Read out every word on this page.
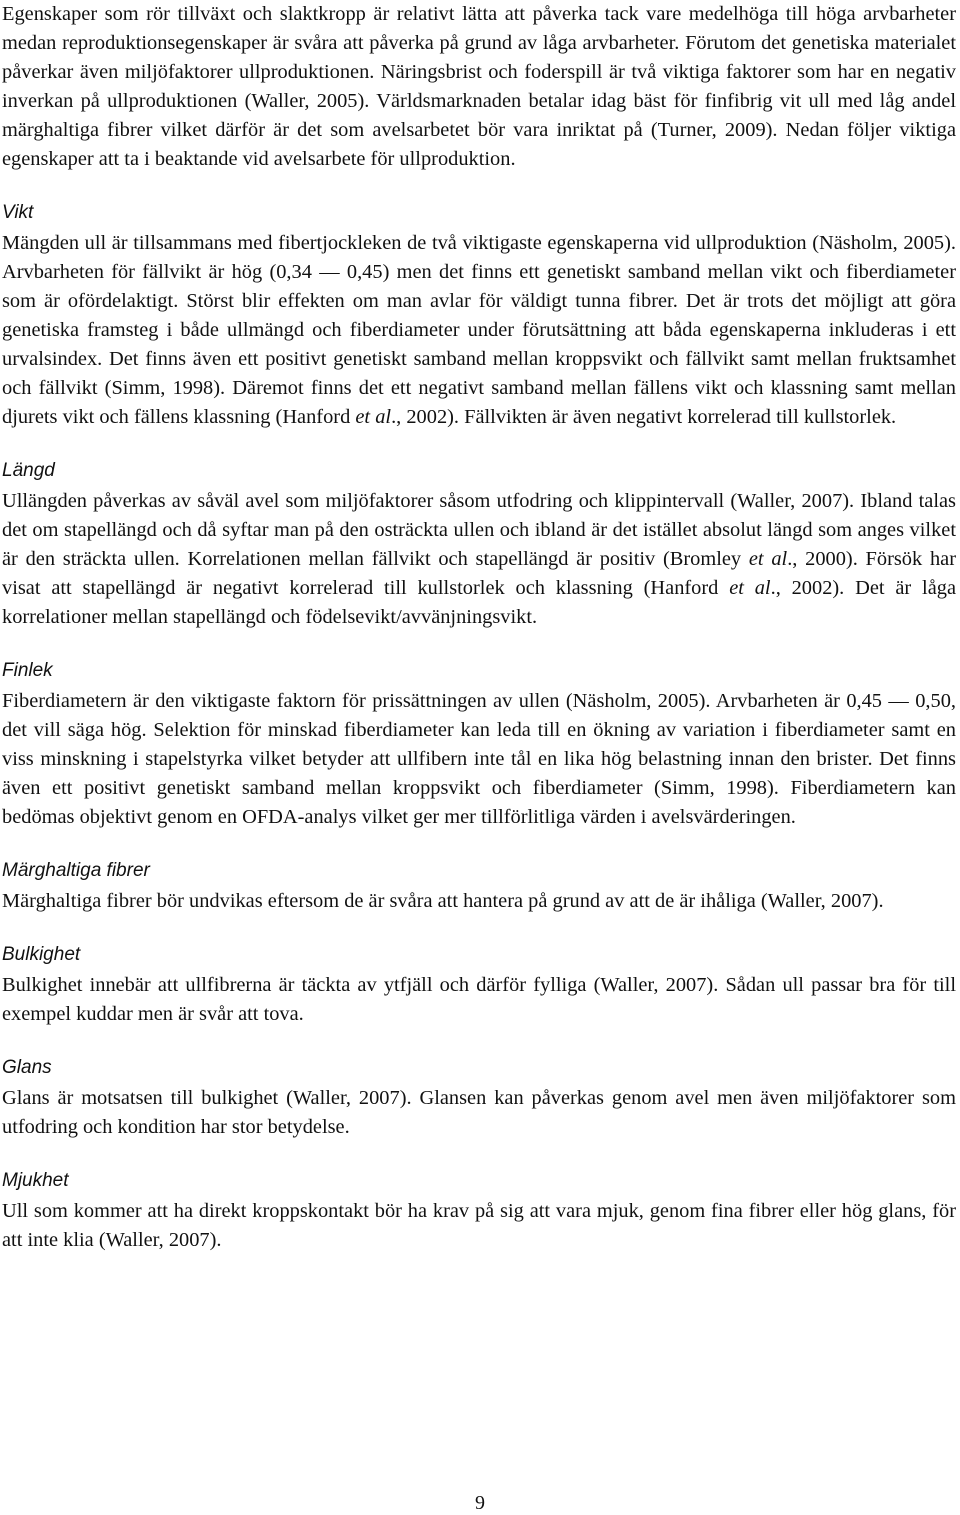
Egenskaper som rör tillväxt och slaktkropp är relativt lätta att påverka tack vare medelhöga till höga arvbarheter medan reproduktionsegenskaper är svåra att påverka på grund av låga arvbarheter. Förutom det genetiska materialet påverkar även miljöfaktorer ullproduktionen. Näringsbrist och foderspill är två viktiga faktorer som har en negativ inverkan på ullproduktionen (Waller, 2005). Världsmarknaden betalar idag bäst för finfibrig vit ull med låg andel märghaltiga fibrer vilket därför är det som avelsarbetet bör vara inriktat på (Turner, 2009). Nedan följer viktiga egenskaper att ta i beaktande vid avelsarbete för ullproduktion.

Vikt

Mängden ull är tillsammans med fibertjockleken de två viktigaste egenskaperna vid ullproduktion (Näsholm, 2005). Arvbarheten för fällvikt är hög (0,34 — 0,45) men det finns ett genetiskt samband mellan vikt och fiberdiameter som är ofördelaktigt. Störst blir effekten om man avlar för väldigt tunna fibrer. Det är trots det möjligt att göra genetiska framsteg i både ullmängd och fiberdiameter under förutsättning att båda egenskaperna inkluderas i ett urvalsindex. Det finns även ett positivt genetiskt samband mellan kroppsvikt och fällvikt samt mellan fruktsamhet och fällvikt (Simm, 1998). Däremot finns det ett negativt samband mellan fällens vikt och klassning samt mellan djurets vikt och fällens klassning (Hanford et al., 2002). Fällvikten är även negativt korrelerad till kullstorlek.

Längd

Ullängden påverkas av såväl avel som miljöfaktorer såsom utfodring och klippintervall (Waller, 2007). Ibland talas det om stapellängd och då syftar man på den osträckta ullen och ibland är det istället absolut längd som anges vilket är den sträckta ullen. Korrelationen mellan fällvikt och stapellängd är positiv (Bromley et al., 2000). Försök har visat att stapellängd är negativt korrelerad till kullstorlek och klassning (Hanford et al., 2002). Det är låga korrelationer mellan stapellängd och födelsevikt/avvänjningsvikt.

Finlek

Fiberdiametern är den viktigaste faktorn för prissättningen av ullen (Näsholm, 2005). Arvbarheten är 0,45 — 0,50, det vill säga hög. Selektion för minskad fiberdiameter kan leda till en ökning av variation i fiberdiameter samt en viss minskning i stapelstyrka vilket betyder att ullfibern inte tål en lika hög belastning innan den brister. Det finns även ett positivt genetiskt samband mellan kroppsvikt och fiberdiameter (Simm, 1998). Fiberdiametern kan bedömas objektivt genom en OFDA-analys vilket ger mer tillförlitliga värden i avelsvärderingen.

Märghaltiga fibrer

Märghaltiga fibrer bör undvikas eftersom de är svåra att hantera på grund av att de är ihåliga (Waller, 2007).

Bulkighet

Bulkighet innebär att ullfibrerna är täckta av ytfjäll och därför fylliga (Waller, 2007). Sådan ull passar bra för till exempel kuddar men är svår att tova.

Glans

Glans är motsatsen till bulkighet (Waller, 2007). Glansen kan påverkas genom avel men även miljöfaktorer som utfodring och kondition har stor betydelse.

Mjukhet

Ull som kommer att ha direkt kroppskontakt bör ha krav på sig att vara mjuk, genom fina fibrer eller hög glans, för att inte klia (Waller, 2007).

9
